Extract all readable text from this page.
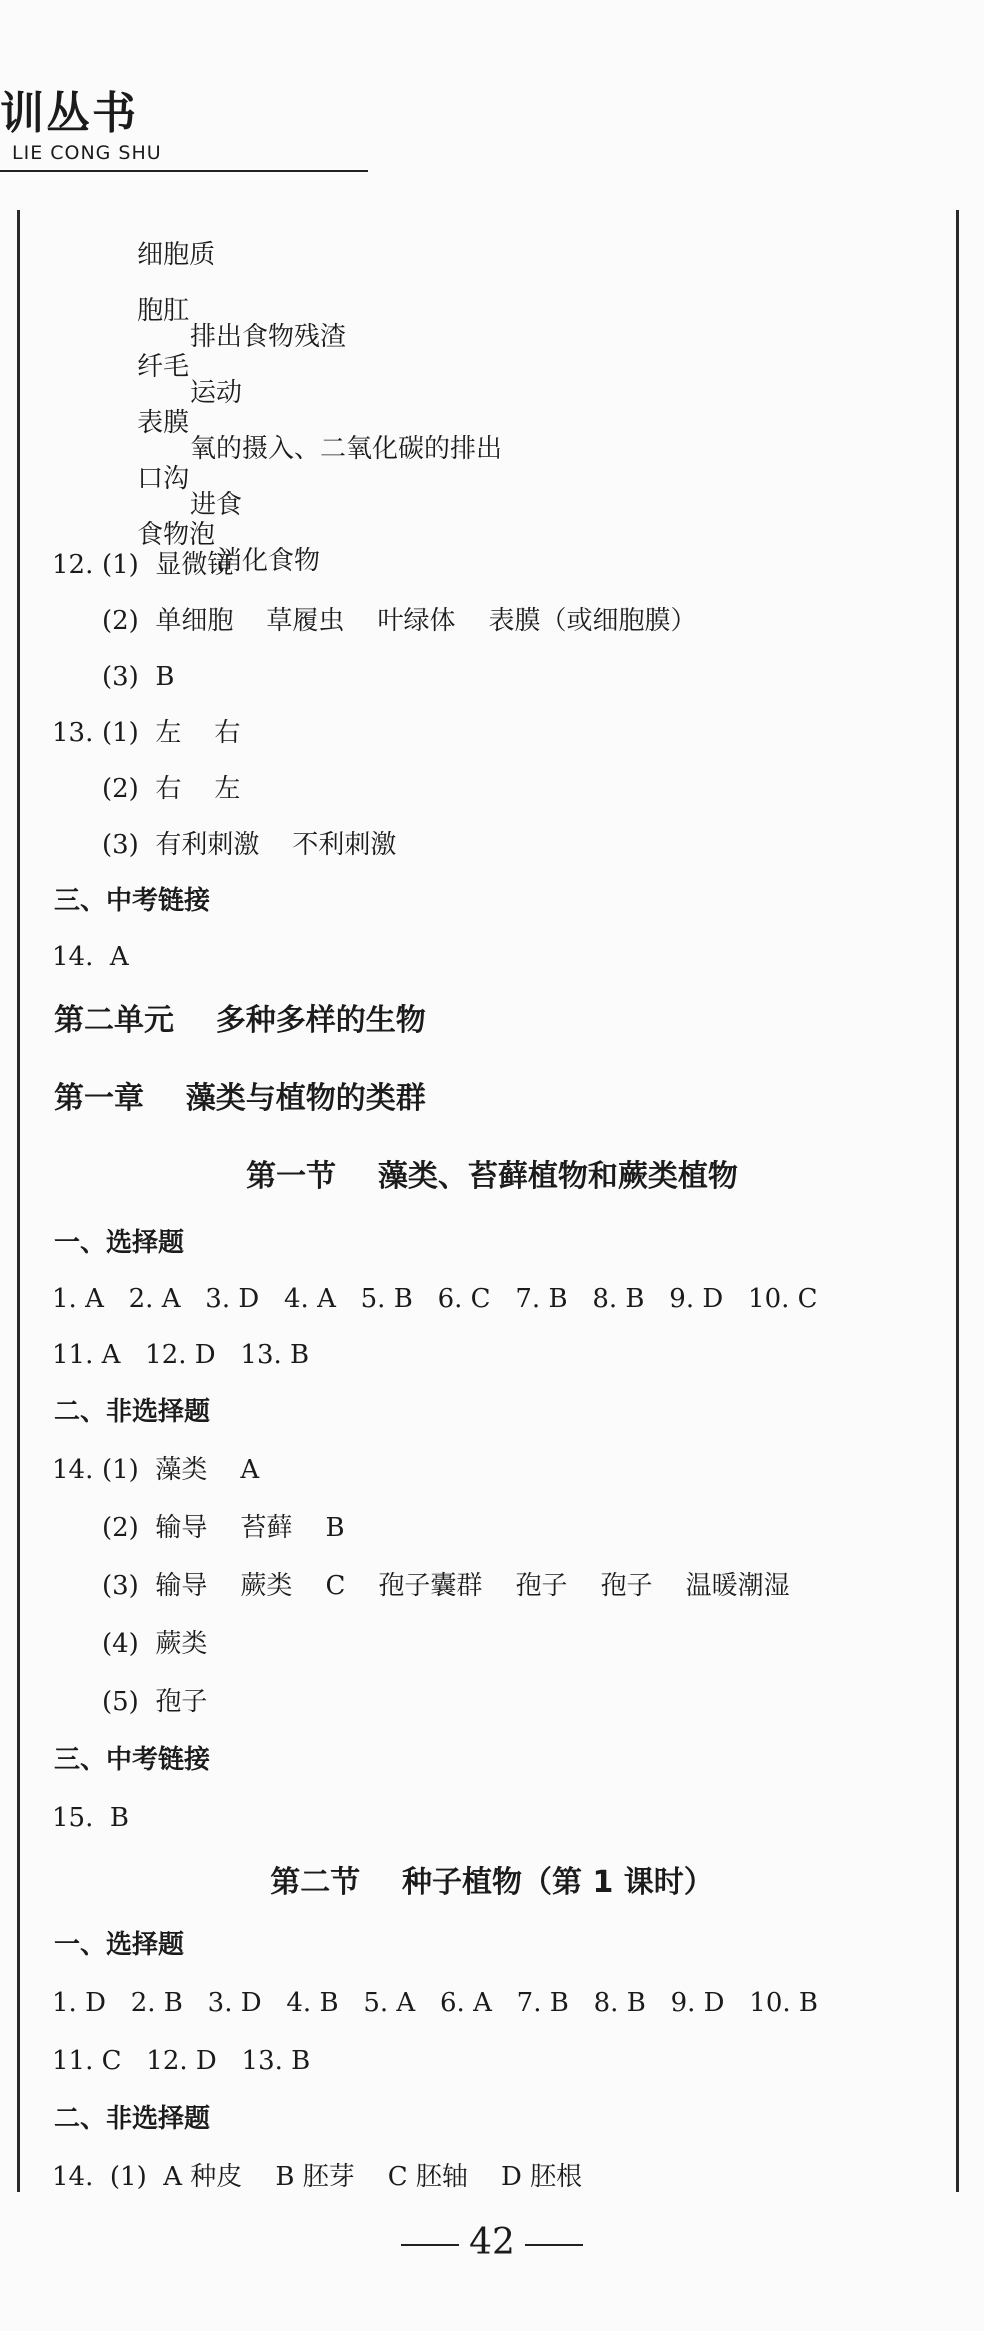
训丛书
LIE CONG SHU

细胞质

胞肛

排出食物残渣

纤毛

运动

表膜

氧的摄入、二氧化碳的排出

口沟

进食

食物泡

消化食物

12. (1)  显微镜
(2)  单细胞    草履虫    叶绿体    表膜（或细胞膜）
(3)  B
13. (1)  左    右
(2)  右    左
(3)  有利刺激    不利刺激
三、中考链接
14.  A
第二单元    多种多样的生物
第一章    藻类与植物的类群
第一节    藻类、苔藓植物和蕨类植物
一、选择题
1. A   2. A   3. D   4. A   5. B   6. C   7. B   8. B   9. D   10. C
11. A   12. D   13. B
二、非选择题
14. (1)  藻类    A
(2)  输导    苔藓    B
(3)  输导    蕨类    C    孢子囊群    孢子    孢子    温暖潮湿
(4)  蕨类
(5)  孢子
三、中考链接
15.  B
第二节    种子植物（第 1 课时）
一、选择题
1. D   2. B   3. D   4. B   5. A   6. A   7. B   8. B   9. D   10. B
11. C   12. D   13. B
二、非选择题
14.  (1)  A 种皮    B 胚芽    C 胚轴    D 胚根
42
